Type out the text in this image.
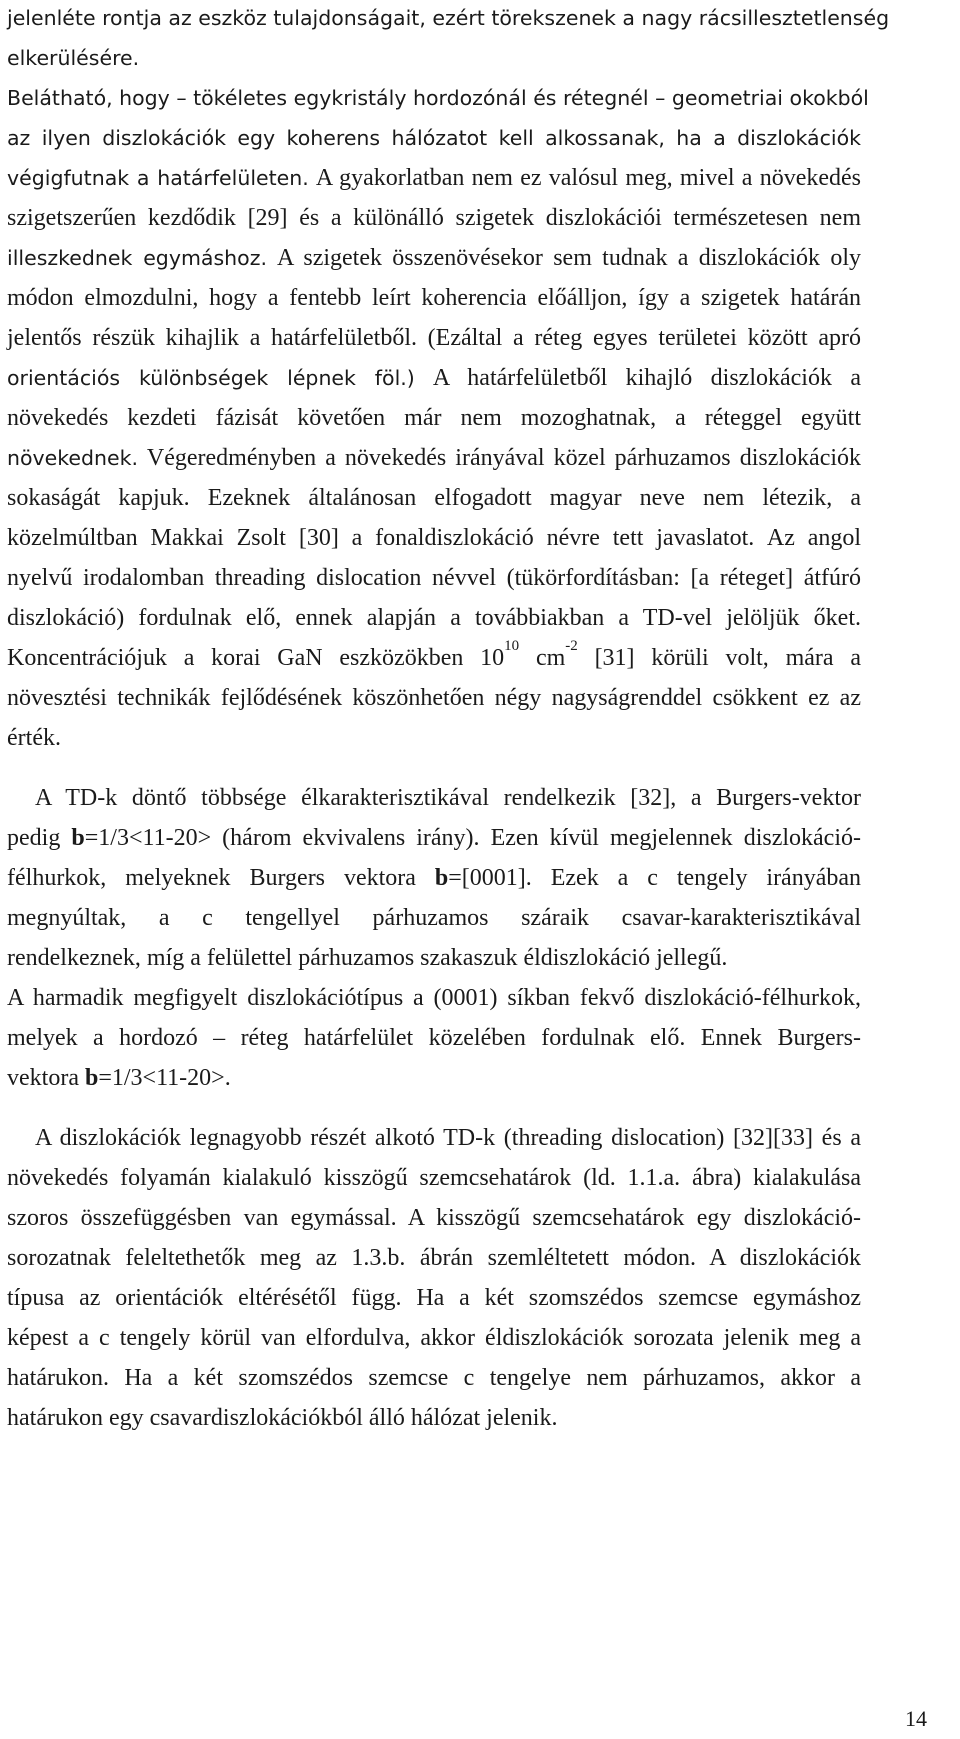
jelenléte rontja az eszköz tulajdonságait, ezért törekszenek a nagy rácsillesztetlenség
elkerülésére.
Belátható, hogy – tökéletes egykristály hordozónál és rétegnél – geometriai okokból
az ilyen diszlokációk egy koherens hálózatot kell alkossanak, ha a diszlokációk
végigfutnak a határfelületen. A gyakorlatban nem ez valósul meg, mivel a növekedés
szigetszerűen kezdődik [29] és a különálló szigetek diszlokációi természetesen nem
illeszkednek egymáshoz. A szigetek összenövésekor sem tudnak a diszlokációk oly
módon elmozdulni, hogy a fentebb leírt koherencia előálljon, így a szigetek határán
jelentős részük kihajlik a határfelületből. (Ezáltal a réteg egyes területei között apró
orientációs különbségek lépnek föl.) A határfelületből kihajló diszlokációk a
növekedés kezdeti fázisát követően már nem mozoghatnak, a réteggel együtt
növekednek. Végeredményben a növekedés irányával közel párhuzamos diszlokációk
sokaságát kapjuk. Ezeknek általánosan elfogadott magyar neve nem létezik, a
közelmúltban Makkai Zsolt [30] a fonaldiszlokáció névre tett javaslatot. Az angol
nyelvű irodalomban threading dislocation névvel (tükörfordításban: [a réteget] átfúró
diszlokáció) fordulnak elő, ennek alapján a továbbiakban a TD-vel jelöljük őket.
Koncentrációjuk a korai GaN eszközökben $10^{10}$ $cm^{-2}$ [31] körüli volt, mára a
növesztési technikák fejlődésének köszönhetően négy nagyságrenddel csökkent ez az
érték.
A TD-k döntő többsége élkarakterisztikával rendelkezik [32], a Burgers-vektor
pedig b=1/3<11-20> (három ekvivalens irány). Ezen kívül megjelennek diszlokáció-
félhurkok, melyeknek Burgers vektora b=[0001]. Ezek a c tengely irányában
megnyúltak, a c tengellyel párhuzamos száraik csavar-karakterisztikával
rendelkeznek, míg a felülettel párhuzamos szakaszuk éldiszlokáció jellegű.
A harmadik megfigyelt diszlokációtípus a (0001) síkban fekvő diszlokáció-félhurkok,
melyek a hordozó – réteg határfelület közelében fordulnak elő. Ennek Burgers-
vektora b=1/3<11-20>.
A diszlokációk legnagyobb részét alkotó TD-k (threading dislocation) [32][33] és a
növekedés folyamán kialakuló kisszögű szemcsehatárok (ld. 1.1.a. ábra) kialakulása
szoros összefüggésben van egymással. A kisszögű szemcsehatárok egy diszlokáció-
sorozatnak feleltethetők meg az 1.3.b. ábrán szemléltetett módon. A diszlokációk
típusa az orientációk eltérésétől függ. Ha a két szomszédos szemcse egymáshoz
képest a c tengely körül van elfordulva, akkor éldiszlokációk sorozata jelenik meg a
határukon. Ha a két szomszédos szemcse c tengelye nem párhuzamos, akkor a
határukon egy csavardiszlokációkból álló hálózat jelenik.
14
